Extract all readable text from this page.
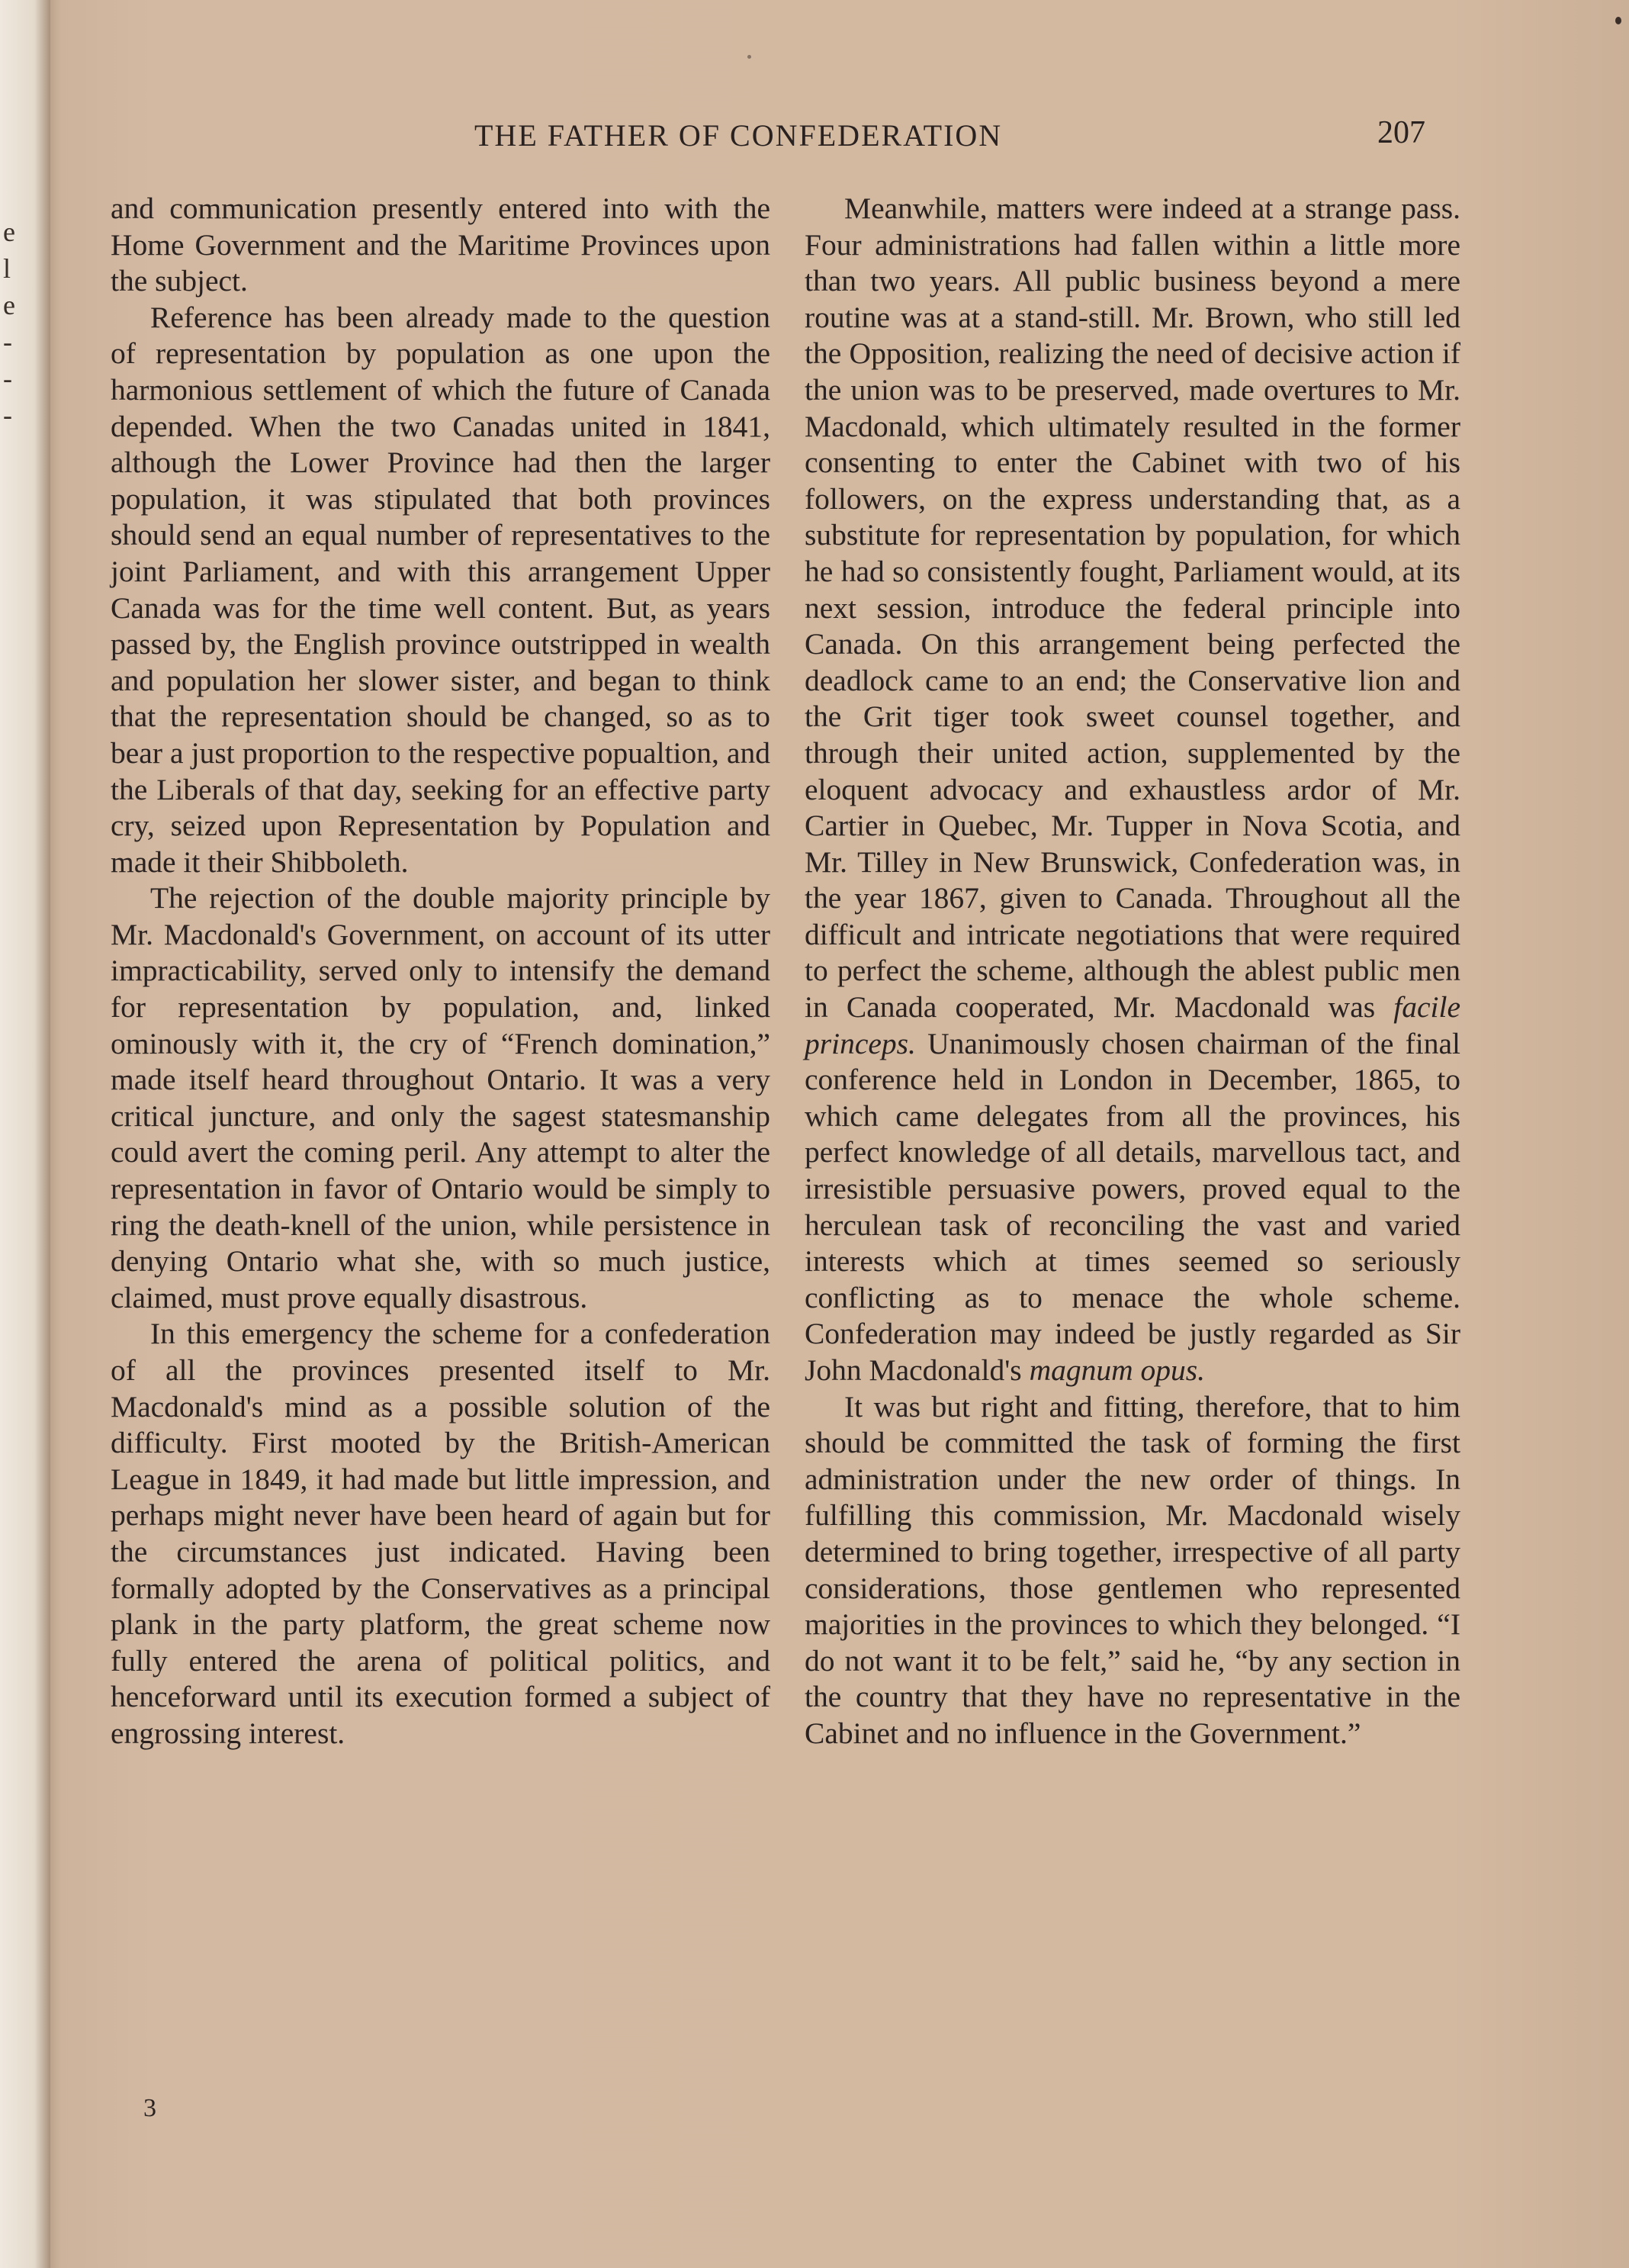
e
l
e
-
-
-
THE FATHER OF CONFEDERATION	207

and communication presently entered into with the Home Government and the Maritime Provinces upon the subject.

Reference has been already made to the question of representation by population as one upon the harmonious settlement of which the future of Canada depended. When the two Canadas united in 1841, although the Lower Province had then the larger population, it was stipulated that both provinces should send an equal number of representatives to the joint Parliament, and with this arrangement Upper Canada was for the time well content. But, as years passed by, the English province outstripped in wealth and population her slower sister, and began to think that the representation should be changed, so as to bear a just proportion to the respective popualtion, and the Liberals of that day, seeking for an effective party cry, seized upon Representation by Population and made it their Shibboleth.

The rejection of the double majority principle by Mr. Macdonald's Government, on account of its utter impracticability, served only to intensify the demand for representation by population, and, linked ominously with it, the cry of “French domination,” made itself heard throughout Ontario. It was a very critical juncture, and only the sagest statesmanship could avert the coming peril. Any attempt to alter the representation in favor of Ontario would be simply to ring the death-knell of the union, while persistence in denying Ontario what she, with so much justice, claimed, must prove equally disastrous.

In this emergency the scheme for a confederation of all the provinces presented itself to Mr. Macdonald's mind as a possible solution of the difficulty. First mooted by the British-American League in 1849, it had made but little impression, and perhaps might never have been heard of again but for the circumstances just indicated. Having been formally adopted by the Conservatives as a principal plank in the party platform, the great scheme now fully entered the arena of political politics, and henceforward until its execution formed a subject of engrossing interest.

Meanwhile, matters were indeed at a strange pass. Four administrations had fallen within a little more than two years. All public business beyond a mere routine was at a stand-still. Mr. Brown, who still led the Opposition, realizing the need of decisive action if the union was to be preserved, made overtures to Mr. Macdonald, which ultimately resulted in the former consenting to enter the Cabinet with two of his followers, on the express understanding that, as a substitute for representation by population, for which he had so consistently fought, Parliament would, at its next session, introduce the federal principle into Canada. On this arrangement being perfected the deadlock came to an end; the Conservative lion and the Grit tiger took sweet counsel together, and through their united action, supplemented by the eloquent advocacy and exhaustless ardor of Mr. Cartier in Quebec, Mr. Tupper in Nova Scotia, and Mr. Tilley in New Brunswick, Confederation was, in the year 1867, given to Canada. Throughout all the difficult and intricate negotiations that were required to perfect the scheme, although the ablest public men in Canada cooperated, Mr. Macdonald was facile princeps. Unanimously chosen chairman of the final conference held in London in December, 1865, to which came delegates from all the provinces, his perfect knowledge of all details, marvellous tact, and irresistible persuasive powers, proved equal to the herculean task of reconciling the vast and varied interests which at times seemed so seriously conflicting as to menace the whole scheme. Confederation may indeed be justly regarded as Sir John Macdonald's magnum opus.

It was but right and fitting, therefore, that to him should be committed the task of forming the first administration under the new order of things. In fulfilling this commission, Mr. Macdonald wisely determined to bring together, irrespective of all party considerations, those gentlemen who represented majorities in the provinces to which they belonged. “I do not want it to be felt,” said he, “by any section in the country that they have no representative in the Cabinet and no influence in the Government.”

3
